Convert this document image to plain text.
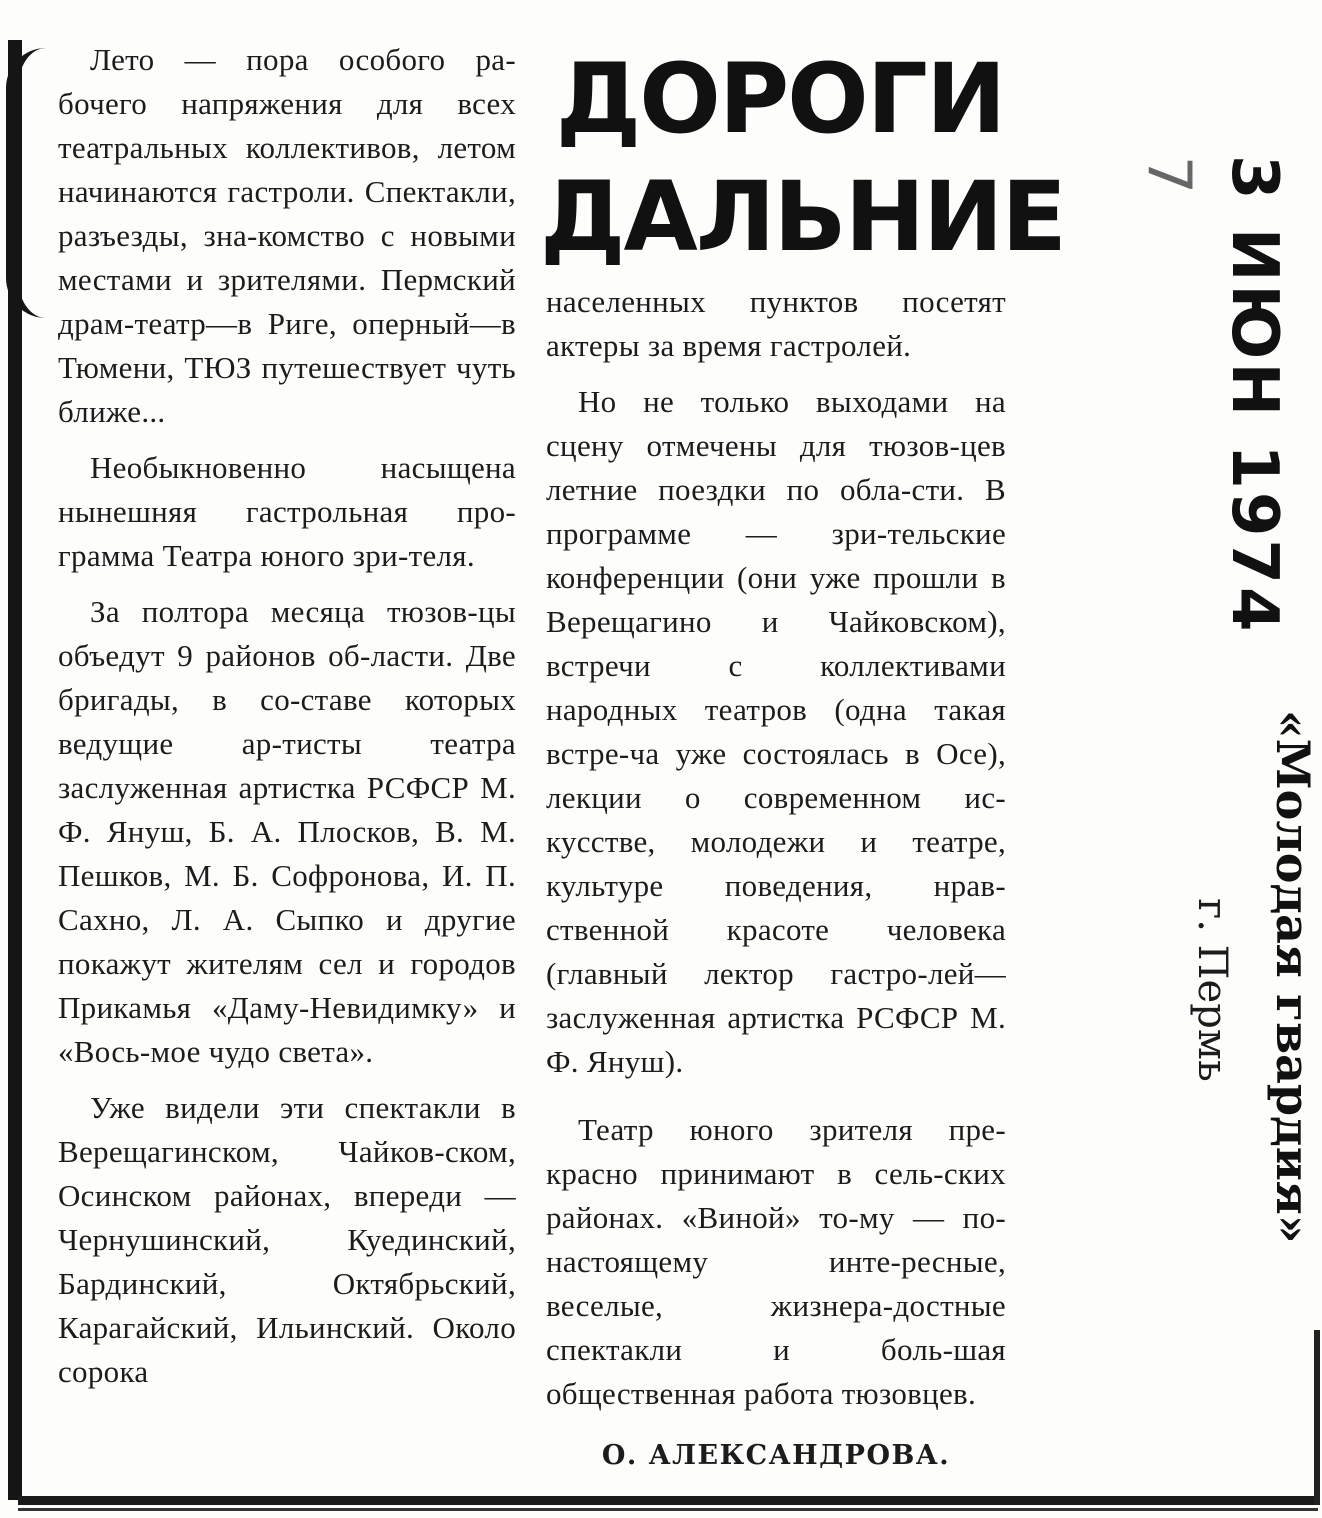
Лето — пора особого ра-бочего напряжения для всех театральных коллективов, летом начинаются гастроли. Спектакли, разъезды, зна-комство с новыми местами и зрителями. Пермский драм-театр—в Риге, оперный—в Тюмени, ТЮЗ путешествует чуть ближе...

Необыкновенно насыщена нынешняя гастрольная про-грамма Театра юного зри-теля.

За полтора месяца тюзов-цы объедут 9 районов об-ласти. Две бригады, в со-ставе которых ведущие ар-тисты театра заслуженная артистка РСФСР М. Ф. Януш, Б. А. Плосков, В. М. Пешков, М. Б. Софронова, И. П. Сахно, Л. А. Сыпко и другие покажут жителям сел и городов Прикамья «Даму-Невидимку» и «Вось-мое чудо света».

Уже видели эти спектакли в Верещагинском, Чайков-ском, Осинском районах, впереди — Чернушинский, Куединский, Бардинский, Октябрьский, Карагайский, Ильинский. Около сорока

ДОРОГИ
ДАЛЬНИЕ

населенных пунктов посетят актеры за время гастролей.

Но не только выходами на сцену отмечены для тюзов-цев летние поездки по обла-сти. В программе — зри-тельские конференции (они уже прошли в Верещагино и Чайковском), встречи с коллективами народных театров (одна такая встре-ча уже состоялась в Осе), лекции о современном ис-кусстве, молодежи и театре, культуре поведения, нрав-ственной красоте человека (главный лектор гастро-лей—заслуженная артистка РСФСР М. Ф. Януш).

Театр юного зрителя пре-красно принимают в сель-ских районах. «Виной» то-му — по-настоящему инте-ресные, веселые, жизнера-достные спектакли и боль-шая общественная работа тюзовцев.

О. АЛЕКСАНДРОВА.
7 3 ИЮН 1974
«Молодая гвардия»
г. Пермь
